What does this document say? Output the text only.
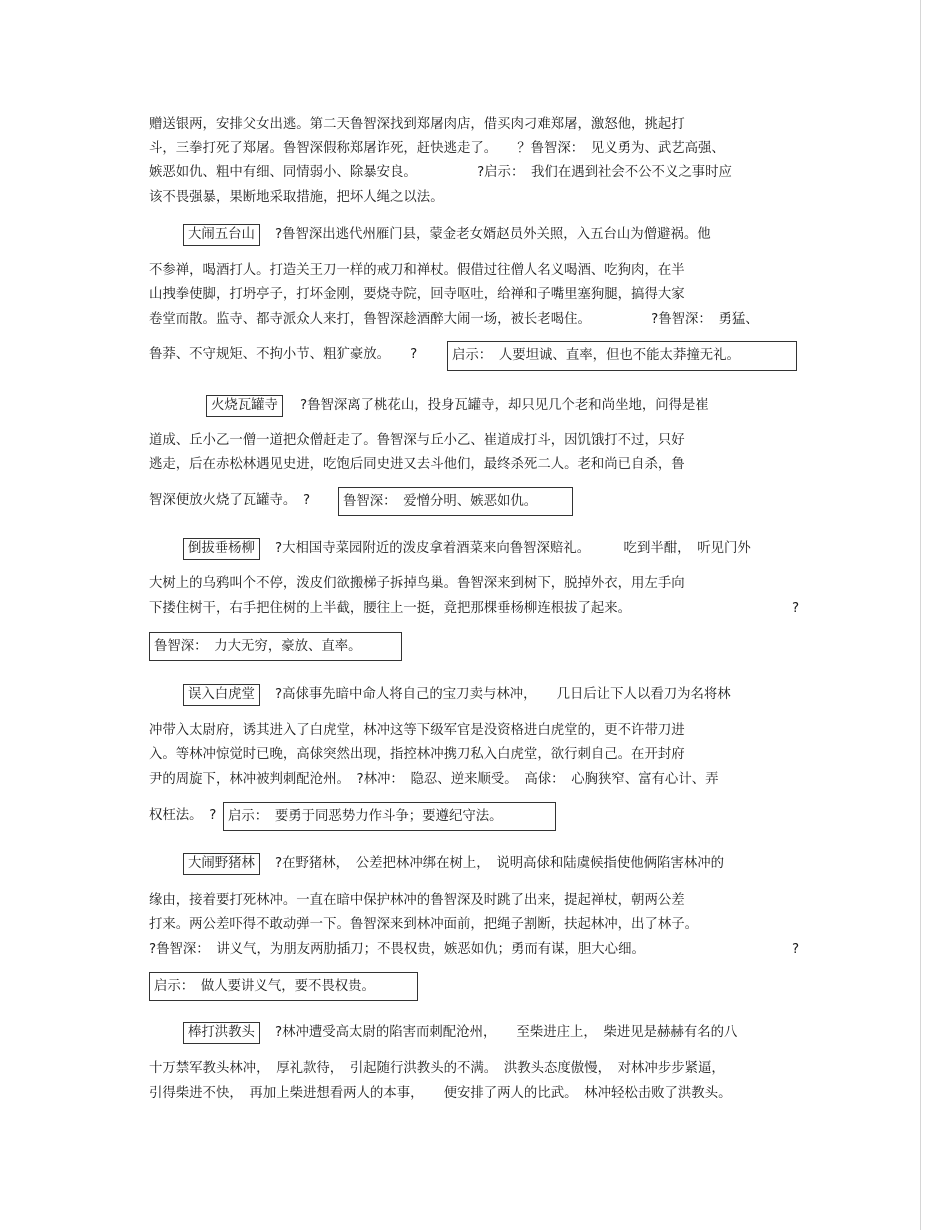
赠送银两，安排父女出逃。第二天鲁智深找到郑屠肉店，借买肉刁难郑屠，激怒他，挑起打
斗，三拳打死了郑屠。鲁智深假称郑屠诈死，赶快逃走了。　　？鲁智深：　见义勇为、武艺高强、
嫉恶如仇、粗中有细、同情弱小、除暴安良。　　　　　?启示：　我们在遇到社会不公不义之事时应
该不畏强暴，果断地采取措施，把坏人绳之以法。
大闹五台山	?鲁智深出逃代州雁门县，蒙金老女婿赵员外关照，入五台山为僧避祸。他
不参禅，喝酒打人。打造关王刀一样的戒刀和禅杖。假借过往僧人名义喝酒、吃狗肉，在半
山拽拳使脚，打坍亭子，打坏金刚，要烧寺院，回寺呕吐，给禅和子嘴里塞狗腿，搞得大家
卷堂而散。监寺、都寺派众人来打，鲁智深趁酒醉大闹一场，被长老喝住。　　　　　?鲁智深：　勇猛、
鲁莽、不守规矩、不拘小节、粗犷豪放。　　?	启示：　人要坦诚、直率，但也不能太莽撞无礼。
火烧瓦罐寺	?鲁智深离了桃花山，投身瓦罐寺，却只见几个老和尚坐地，问得是崔
道成、丘小乙一僧一道把众僧赶走了。鲁智深与丘小乙、崔道成打斗，因饥饿打不过，只好
逃走，后在赤松林遇见史进，吃饱后同史进又去斗他们，最终杀死二人。老和尚已自杀，鲁
智深便放火烧了瓦罐寺。　?	鲁智深：　爱憎分明、嫉恶如仇。
倒拔垂杨柳	?大相国寺菜园附近的泼皮拿着酒菜来向鲁智深赔礼。　　　吃到半酣，　听见门外
大树上的乌鸦叫个不停，泼皮们欲搬梯子拆掉鸟巢。鲁智深来到树下，脱掉外衣，用左手向
下搂住树干，右手把住树的上半截，腰往上一挺，竟把那棵垂杨柳连根拔了起来。	?
鲁智深：　力大无穷，豪放、直率。
误入白虎堂	?高俅事先暗中命人将自己的宝刀卖与林冲，　　几日后让下人以看刀为名将林
冲带入太尉府，诱其进入了白虎堂，林冲这等下级军官是没资格进白虎堂的，更不许带刀进
入。等林冲惊觉时已晚，高俅突然出现，指控林冲携刀私入白虎堂，欲行刺自己。在开封府
尹的周旋下，林冲被判刺配沧州。　?林冲：　隐忍、逆来顺受。　高俅：　心胸狭窄、富有心计、弄
权枉法。　? 启示：　要勇于同恶势力作斗争；要遵纪守法。
大闹野猪林	?在野猪林，　公差把林冲绑在树上，　说明高俅和陆虞候指使他俩陷害林冲的
缘由，接着要打死林冲。一直在暗中保护林冲的鲁智深及时跳了出来，提起禅杖，朝两公差
打来。两公差吓得不敢动弹一下。鲁智深来到林冲面前，把绳子割断，扶起林冲，出了林子。
?鲁智深：　讲义气，为朋友两肋插刀；不畏权贵，嫉恶如仇；勇而有谋，胆大心细。	?
启示：　做人要讲义气，要不畏权贵。
棒打洪教头	?林冲遭受高太尉的陷害而刺配沧州，　　至柴进庄上，　柴进见是赫赫有名的八
十万禁军教头林冲，　厚礼款待，　引起随行洪教头的不满。　洪教头态度傲慢，　对林冲步步紧逼，
引得柴进不快，　再加上柴进想看两人的本事，　　便安排了两人的比武。　林冲轻松击败了洪教头。
